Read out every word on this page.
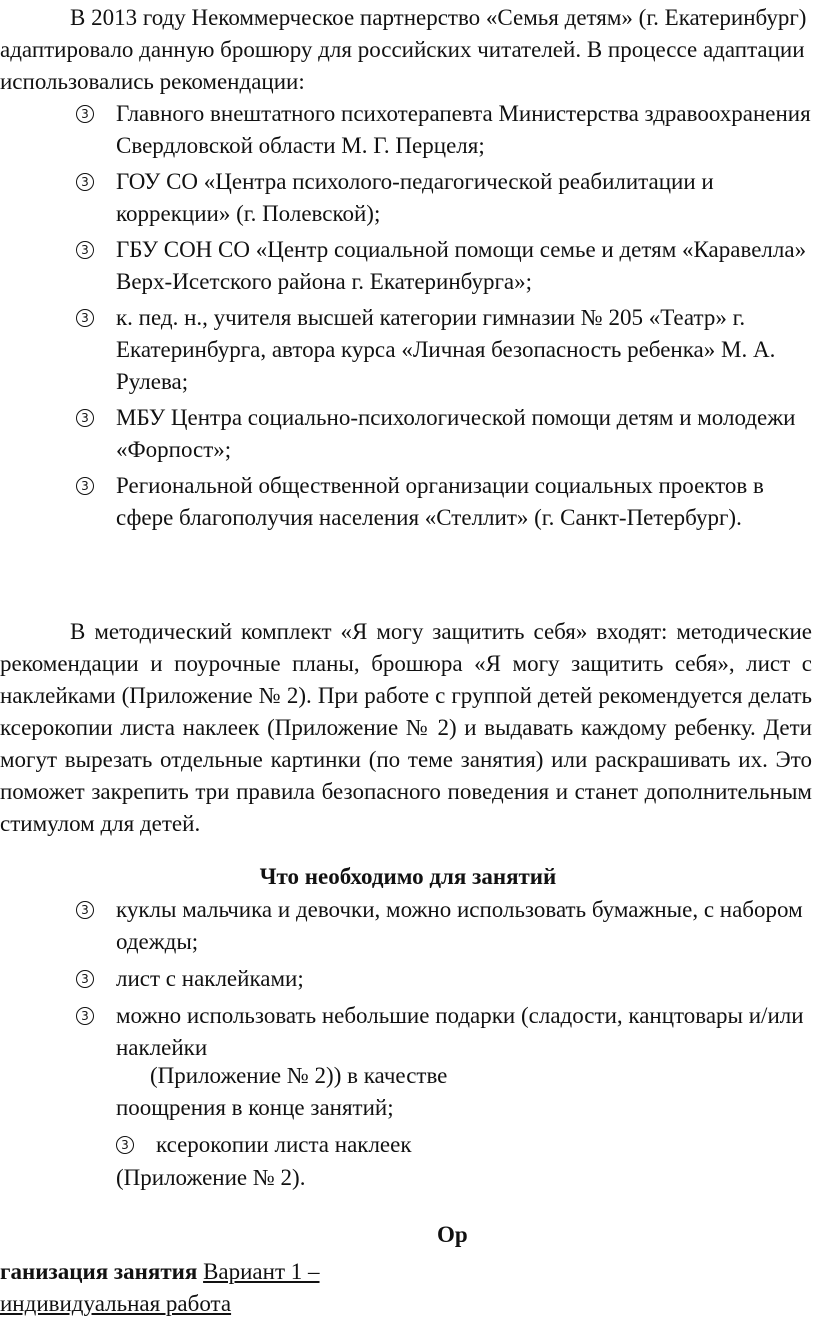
В 2013 году Некоммерческое партнерство «Семья детям» (г. Екатеринбург) адаптировало данную брошюру для российских читателей. В процессе адаптации использовались рекомендации:

3 Главного внештатного психотерапевта Министерства здравоохранения Свердловской области М. Г. Перцеля;
3 ГОУ СО «Центра психолого-педагогической реабилитации и коррекции» (г. Полевской);
3 ГБУ СОН СО «Центр социальной помощи семье и детям «Каравелла» Верх-Исетского района г. Екатеринбурга»;
3 к. пед. н., учителя высшей категории гимназии № 205 «Театр» г. Екатеринбурга, автора курса «Личная безопасность ребенка» М. А. Рулева;
3 МБУ Центра социально-психологической помощи детям и молодежи «Форпост»;
3 Региональной общественной организации социальных проектов в сфере благополучия населения «Стеллит» (г. Санкт-Петербург).

В методический комплект «Я могу защитить себя» входят: методические рекомендации и поурочные планы, брошюра «Я могу защитить себя», лист с наклейками (Приложение № 2). При работе с группой детей рекомендуется делать ксерокопии листа наклеек (Приложение № 2) и выдавать каждому ребенку. Дети могут вырезать отдельные картинки (по теме занятия) или раскрашивать их. Это поможет закрепить три правила безопасного поведения и станет дополнительным стимулом для детей.

Что необходимо для занятий

3 куклы мальчика и девочки, можно использовать бумажные, с набором одежды;
3 лист с наклейками;
3 можно использовать небольшие подарки (сладости, канцтовары и/или наклейки

(Приложение № 2)) в качестве

поощрения в конце занятий;

3 ксерокопии листа наклеек

(Приложение № 2).

Ор

ганизация занятия Вариант 1 –
индивидуальная работа
